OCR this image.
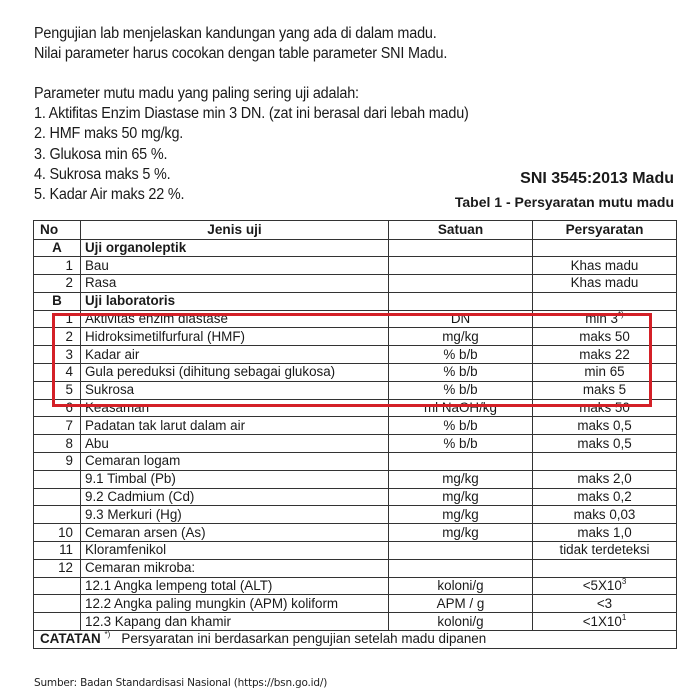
Pengujian lab menjelaskan kandungan yang ada di dalam madu.

Nilai parameter harus cocokan dengan table parameter SNI Madu.

Parameter mutu madu yang paling sering uji adalah:

1. Aktifitas Enzim Diastase min 3 DN. (zat ini berasal dari lebah madu)

2. HMF maks 50 mg/kg.

3. Glukosa min 65 %.

4. Sukrosa maks 5 %.

5. Kadar Air maks 22 %.

SNI 3545:2013 Madu
Tabel 1 - Persyaratan mutu madu
No	Jenis uji	Satuan	Persyaratan
A	Uji organoleptik		
1	Bau		Khas madu
2	Rasa		Khas madu
B	Uji laboratoris		
1	Aktivitas enzim diastase	DN	min 3*)
2	Hidroksimetilfurfural (HMF)	mg/kg	maks 50
3	Kadar air	% b/b	maks 22
4	Gula pereduksi (dihitung sebagai glukosa)	% b/b	min 65
5	Sukrosa	% b/b	maks 5
6	Keasaman	ml NaOH/kg	maks 50
7	Padatan tak larut dalam air	% b/b	maks 0,5
8	Abu	% b/b	maks 0,5
9	Cemaran logam		
	9.1 Timbal (Pb)	mg/kg	maks 2,0
	9.2 Cadmium (Cd)	mg/kg	maks 0,2
	9.3 Merkuri (Hg)	mg/kg	maks 0,03
10	Cemaran arsen (As)	mg/kg	maks 1,0
11	Kloramfenikol		tidak terdeteksi
12	Cemaran mikroba:		
	12.1 Angka lempeng total (ALT)	koloni/g	$<5X10^3$
	12.2 Angka paling mungkin (APM) koliform	APM / g	<3
	12.3 Kapang dan khamir	koloni/g	$<1X10^1$
CATATAN *) Persyaratan ini berdasarkan pengujian setelah madu dipanen			
Sumber: Badan Standardisasi Nasional (https://bsn.go.id/)
